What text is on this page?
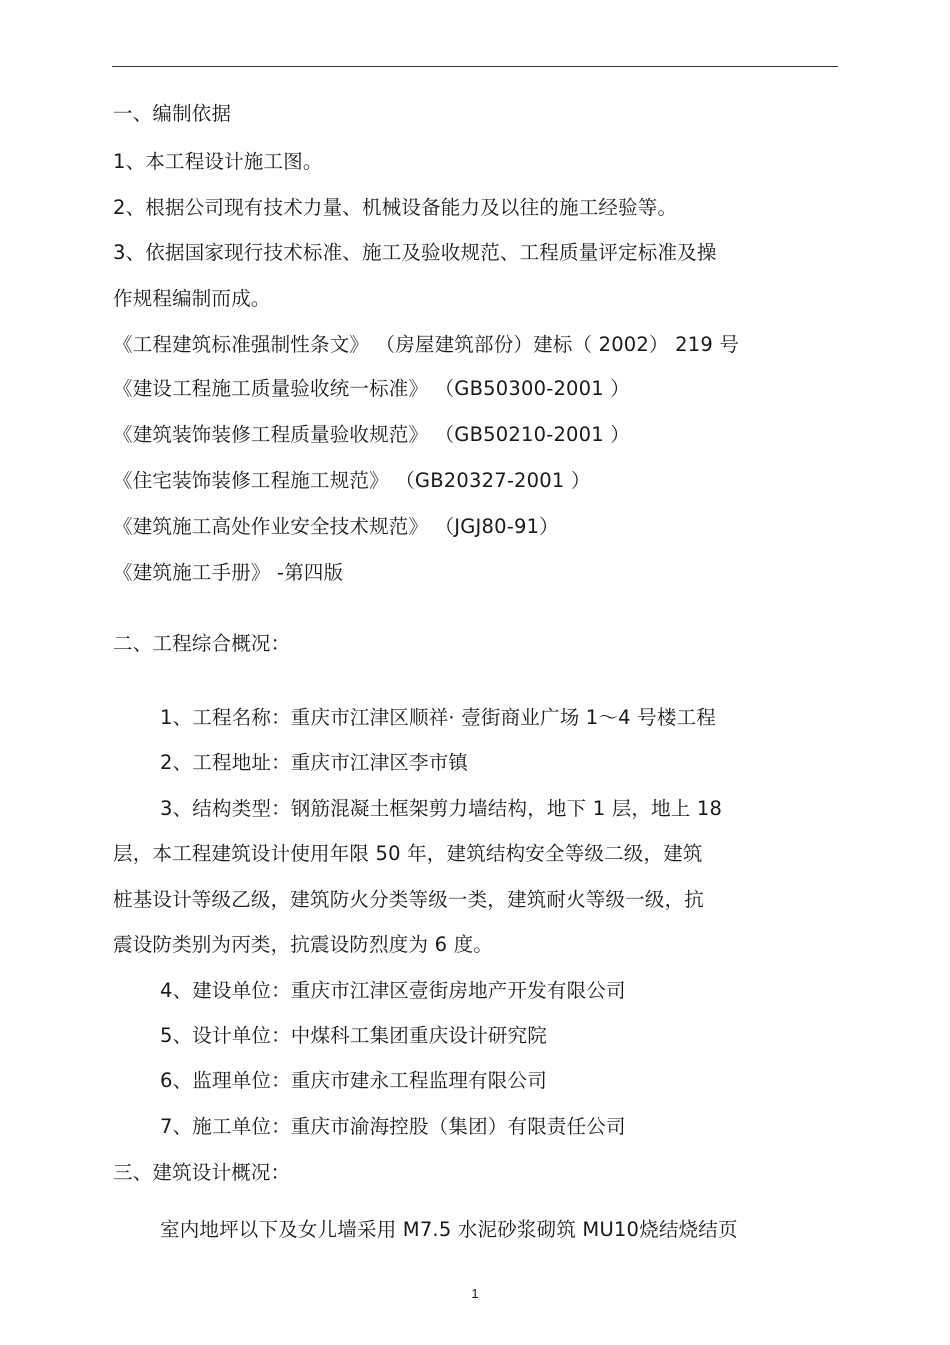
一、编制依据
1、本工程设计施工图。
2、根据公司现有技术力量、机械设备能力及以往的施工经验等。
3、依据国家现行技术标准、施工及验收规范、工程质量评定标准及操
作规程编制而成。
《工程建筑标准强制性条文》 （房屋建筑部份）建标（ 2002） 219 号
《建设工程施工质量验收统一标准》 （GB50300-2001 ）
《建筑装饰装修工程质量验收规范》 （GB50210-2001 ）
《住宅装饰装修工程施工规范》 （GB20327-2001 ）
《建筑施工高处作业安全技术规范》 （JGJ80-91）
《建筑施工手册》 -第四版
二、工程综合概况：
1、工程名称：重庆市江津区顺祥· 壹街商业广场 1～4 号楼工程
2、工程地址：重庆市江津区李市镇
3、结构类型：钢筋混凝土框架剪力墙结构，地下 1 层，地上 18
层，本工程建筑设计使用年限 50 年，建筑结构安全等级二级，建筑
桩基设计等级乙级，建筑防火分类等级一类，建筑耐火等级一级，抗
震设防类别为丙类，抗震设防烈度为 6 度。
4、建设单位：重庆市江津区壹街房地产开发有限公司
5、设计单位：中煤科工集团重庆设计研究院
6、监理单位：重庆市建永工程监理有限公司
7、施工单位：重庆市渝海控股（集团）有限责任公司
三、建筑设计概况：
室内地坪以下及女儿墙采用 M7.5 水泥砂浆砌筑 MU10烧结烧结页
1
